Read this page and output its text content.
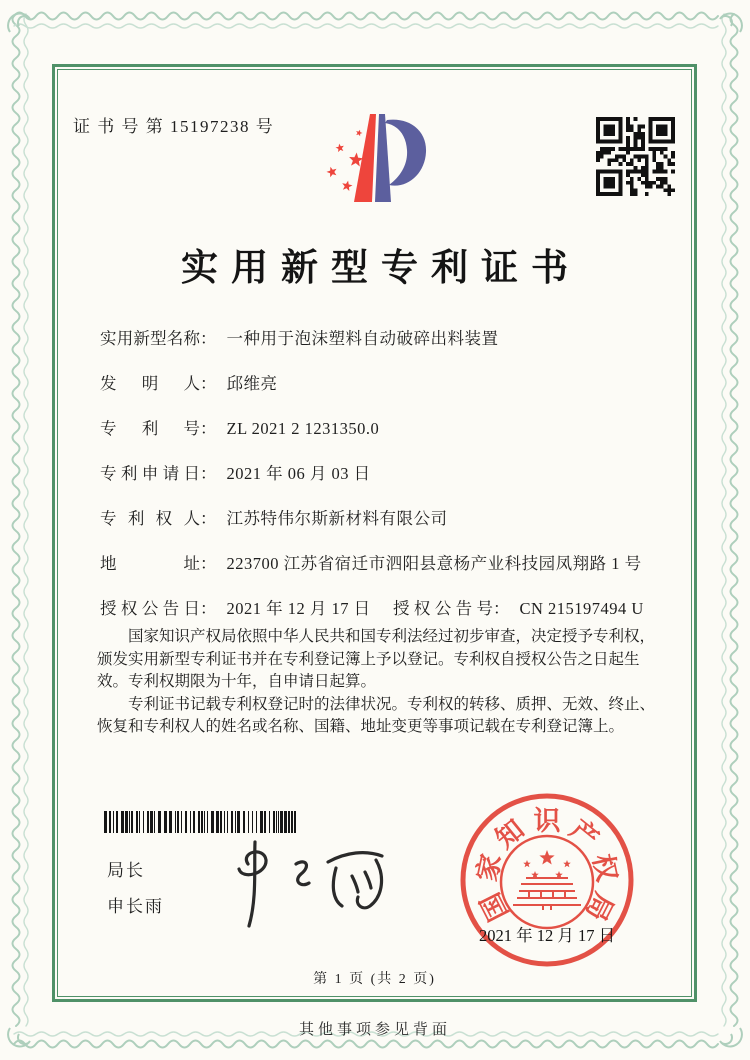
证 书 号 第 15197238 号
实用新型专利证书
实用新型名称： 一种用于泡沫塑料自动破碎出料装置
发明人： 邱维亮
专利号： ZL 2021 2 1231350.0
专利申请日： 2021 年 06 月 03 日
专利权人： 江苏特伟尔斯新材料有限公司
地址： 223700 江苏省宿迁市泗阳县意杨产业科技园凤翔路 1 号
授权公告日： 2021 年 12 月 17 日 授权公告号： CN 215197494 U

国家知识产权局依照中华人民共和国专利法经过初步审查，决定授予专利权，颁发实用新型专利证书并在专利登记簿上予以登记。专利权自授权公告之日起生效。专利权期限为十年，自申请日起算。

专利证书记载专利权登记时的法律状况。专利权的转移、质押、无效、终止、恢复和专利权人的姓名或名称、国籍、地址变更等事项记载在专利登记簿上。

局长
申长雨	国
家
知 识 产
权
局
2021 年 12 月 17 日
第 1 页 (共 2 页)
其他事项参见背面
